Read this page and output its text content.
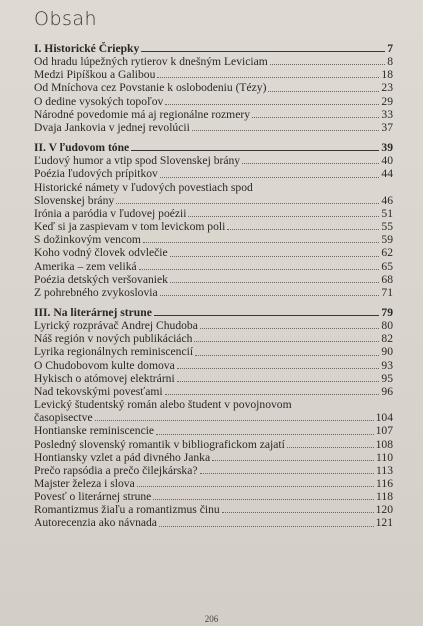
Obsah
I. Historické Čriepky	7
Od hradu lúpežných rytierov k dnešným Leviciam	8
Medzi Pipíškou a Galibou	18
Od Mníchova cez Povstanie k oslobodeniu (Tézy)	23
O dedine vysokých topoľov	29
Národné povedomie má aj regionálne rozmery	33
Dvaja Jankovia v jednej revolúcii	37
II. V ľudovom tóne	39
Ľudový humor a vtip spod Slovenskej brány	40
Poézia ľudových prípitkov	44
Historické námety v ľudových povestiach spod
Slovenskej brány	46
Irónia a paródia v ľudovej poézii	51
Keď si ja zaspievam v tom levickom poli	55
S dožinkovým vencom	59
Koho vodný človek odvlečie	62
Amerika – zem veliká	65
Poézia detských veršovaniek	68
Z pohrebného zvykoslovia	71
III. Na literárnej strune	79
Lyrický rozprávač Andrej Chudoba	80
Náš región v nových publikáciách	82
Lyrika regionálnych reminiscencií	90
O Chudobovom kulte domova	93
Hykisch o atómovej elektrárni	95
Nad tekovskými povesťami	96
Levický študentský román alebo študent v povojnovom
časopisectve	104
Hontianske reminiscencie	107
Posledný slovenský romantik v bibliografickom zajatí	108
Hontiansky vzlet a pád divného Janka	110
Prečo rapsódia a prečo čilejkárska?	113
Majster železa i slova	116
Povesť o literárnej strune	118
Romantizmus žiaľu a romantizmus činu	120
Autorecenzia ako návnada	121
206
